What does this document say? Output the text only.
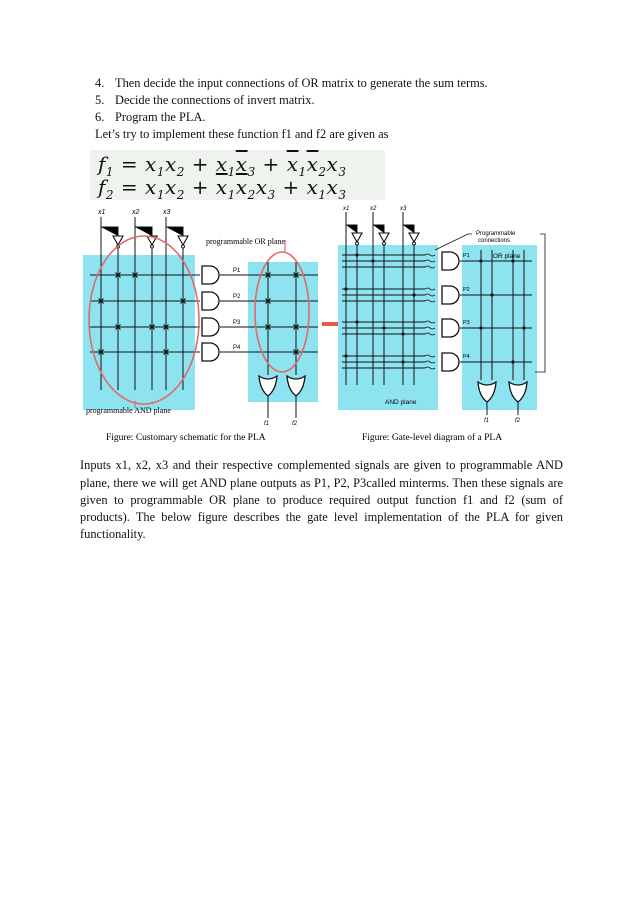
4. Then decide the input connections of OR matrix to generate the sum terms.
5. Decide the connections of invert matrix.
6. Program the PLA.
Let’s try to implement these function f1 and f2 are given as
$f_1 = x_1x_2 + x_1\overline{x}_3 + \overline{x}_1\overline{x}_2x_3$
$f_2 = x_1x_2 + \overline{x}_1\overline{x}_2x_3 + x_1x_3$
x1	x2	x3
P1
P2
P3
P4
programmable OR plane
programmable AND plane
f1	f2
Figure: Customary schematic for the PLA
x1	x2	x3
P1
P2
P3
P4
Programmable
connections
OR plane
AND plane
f1	f2
Figure: Gate-level diagram of a PLA

Inputs x1, x2, x3 and their respective complemented signals are given to programmable AND plane, there we will get AND plane outputs as P1, P2, P3called minterms. Then these signals are given to programmable OR plane to produce required output function f1 and f2 (sum of products). The below figure describes the gate level implementation of the PLA for given functionality.
